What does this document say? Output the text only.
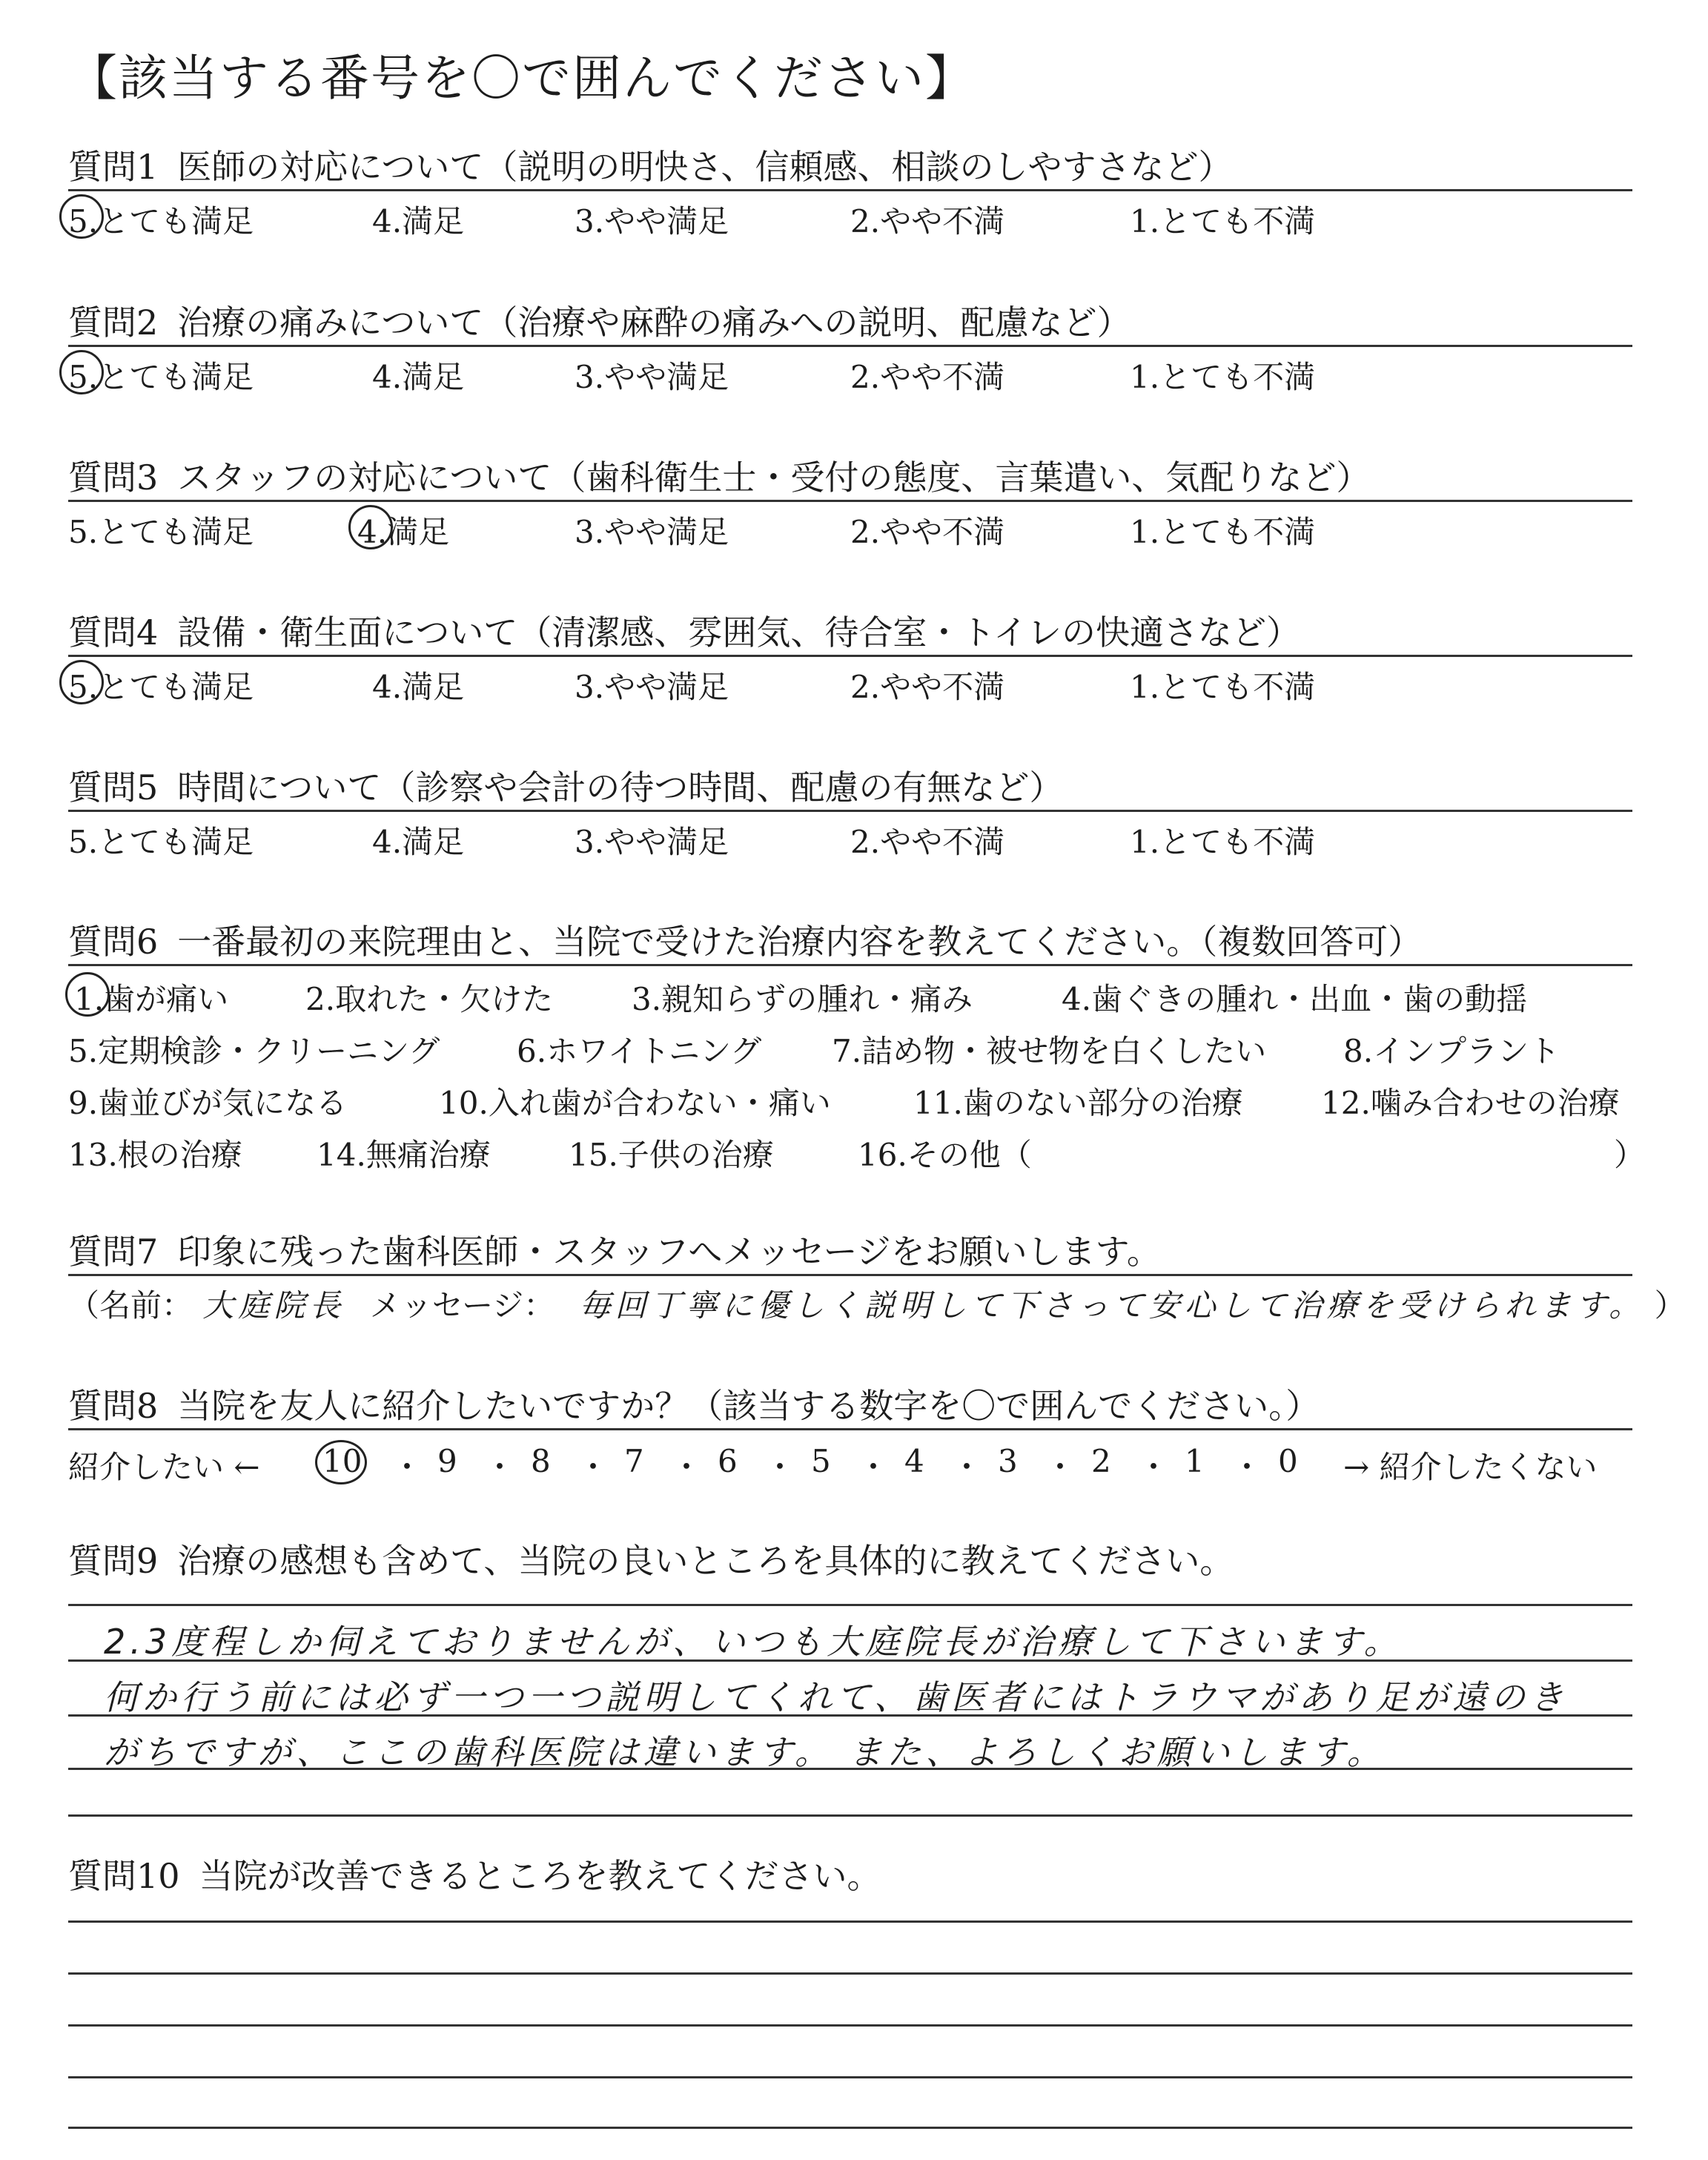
【該当する番号を〇で囲んでください】
質問1 医師の対応について（説明の明快さ、信頼感、相談のしやすさなど）
5.とても満足	4.満足	3.やや満足	2.やや不満	1.とても不満
質問2 治療の痛みについて（治療や麻酔の痛みへの説明、配慮など）
5.とても満足	4.満足	3.やや満足	2.やや不満	1.とても不満
質問3 スタッフの対応について（歯科衛生士・受付の態度、言葉遣い、気配りなど）
5.とても満足	4.満足	3.やや満足	2.やや不満	1.とても不満
質問4 設備・衛生面について（清潔感、雰囲気、待合室・トイレの快適さなど）
5.とても満足	4.満足	3.やや満足	2.やや不満	1.とても不満
質問5 時間について（診察や会計の待つ時間、配慮の有無など）
5.とても満足	4.満足	3.やや満足	2.やや不満	1.とても不満
質問6 一番最初の来院理由と、当院で受けた治療内容を教えてください。（複数回答可）
1.歯が痛い 2.取れた・欠けた	3.親知らずの腫れ・痛み	4.歯ぐきの腫れ・出血・歯の動揺
5.定期検診・クリーニング 6.ホワイトニング 7.詰め物・被せ物を白くしたい 8.インプラント
9.歯並びが気になる	10.入れ歯が合わない・痛い	11.歯のない部分の治療	12.噛み合わせの治療
13.根の治療 14.無痛治療	15.子供の治療	16.その他（	）
質問7 印象に残った歯科医師・スタッフへメッセージをお願いします。
（名前： 大庭院長 メッセージ： 毎回丁寧に優しく説明して下さって安心して治療を受けられます。 ）
質問8 当院を友人に紹介したいですか？（該当する数字を〇で囲んでください。）
紹介したい ← 10 ・ 9 ・ 8 ・ 7 ・ 6 ・ 5 ・ 4 ・ 3 ・ 2 ・ 1 ・ 0 → 紹介したくない
質問9 治療の感想も含めて、当院の良いところを具体的に教えてください。
2.3度程しか伺えておりませんが、いつも大庭院長が治療して下さいます。
何か行う前には必ず一つ一つ説明してくれて、歯医者にはトラウマがあり足が遠のき
がちですが、ここの歯科医院は違います。 また、よろしくお願いします。
質問10 当院が改善できるところを教えてください。
